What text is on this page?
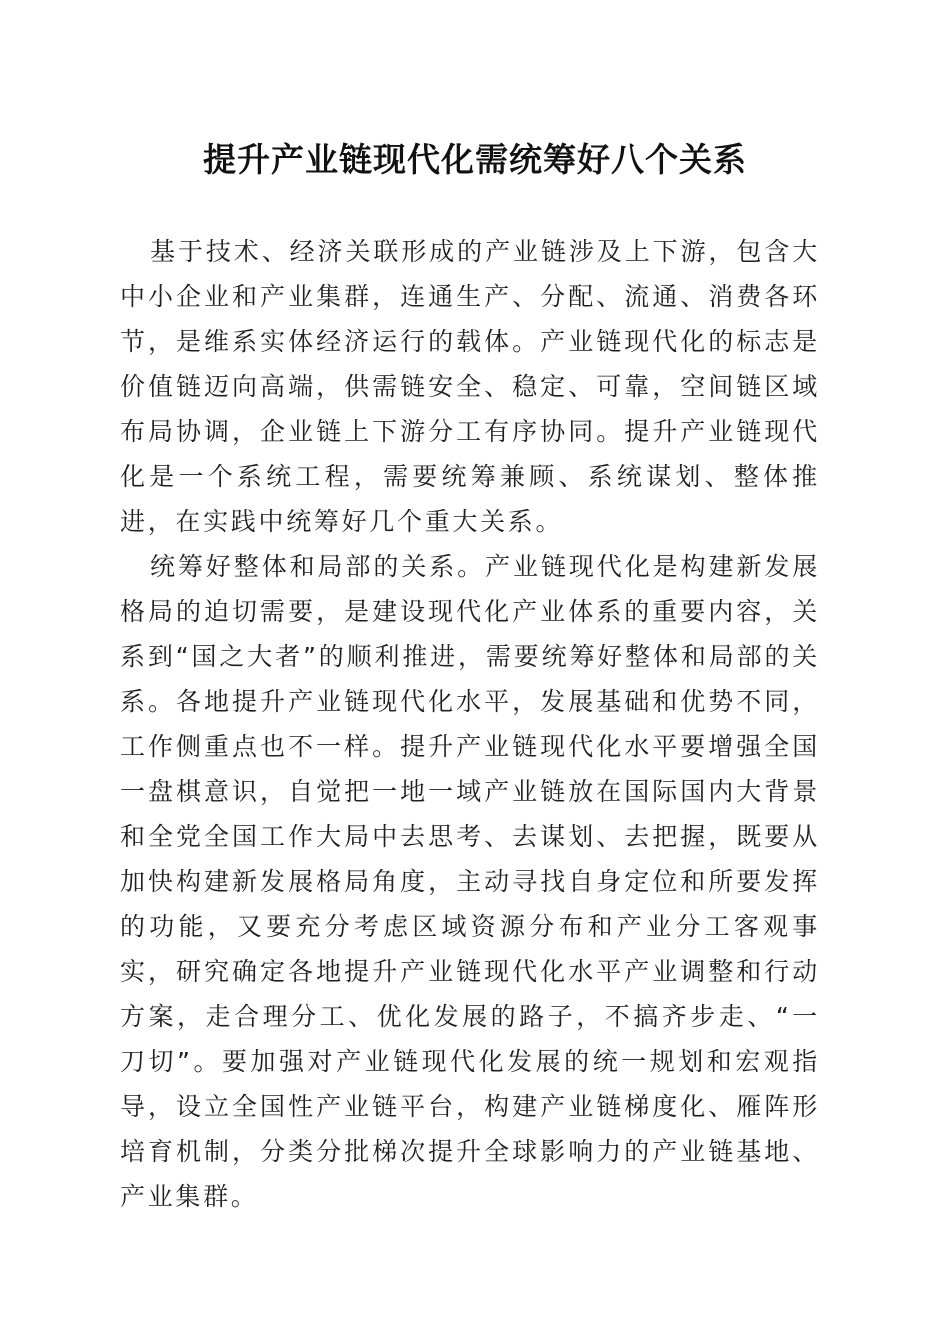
提升产业链现代化需统筹好八个关系

基于技术、经济关联形成的产业链涉及上下游，包含大中小企业和产业集群，连通生产、分配、流通、消费各环节，是维系实体经济运行的载体。产业链现代化的标志是价值链迈向高端，供需链安全、稳定、可靠，空间链区域布局协调，企业链上下游分工有序协同。提升产业链现代化是一个系统工程，需要统筹兼顾、系统谋划、整体推进，在实践中统筹好几个重大关系。

统筹好整体和局部的关系。产业链现代化是构建新发展格局的迫切需要，是建设现代化产业体系的重要内容，关系到“国之大者”的顺利推进，需要统筹好整体和局部的关系。各地提升产业链现代化水平，发展基础和优势不同，工作侧重点也不一样。提升产业链现代化水平要增强全国一盘棋意识，自觉把一地一域产业链放在国际国内大背景和全党全国工作大局中去思考、去谋划、去把握，既要从加快构建新发展格局角度，主动寻找自身定位和所要发挥的功能，又要充分考虑区域资源分布和产业分工客观事实，研究确定各地提升产业链现代化水平产业调整和行动方案，走合理分工、优化发展的路子，不搞齐步走、“一刀切”。要加强对产业链现代化发展的统一规划和宏观指导，设立全国性产业链平台，构建产业链梯度化、雁阵形培育机制，分类分批梯次提升全球影响力的产业链基地、产业集群。
